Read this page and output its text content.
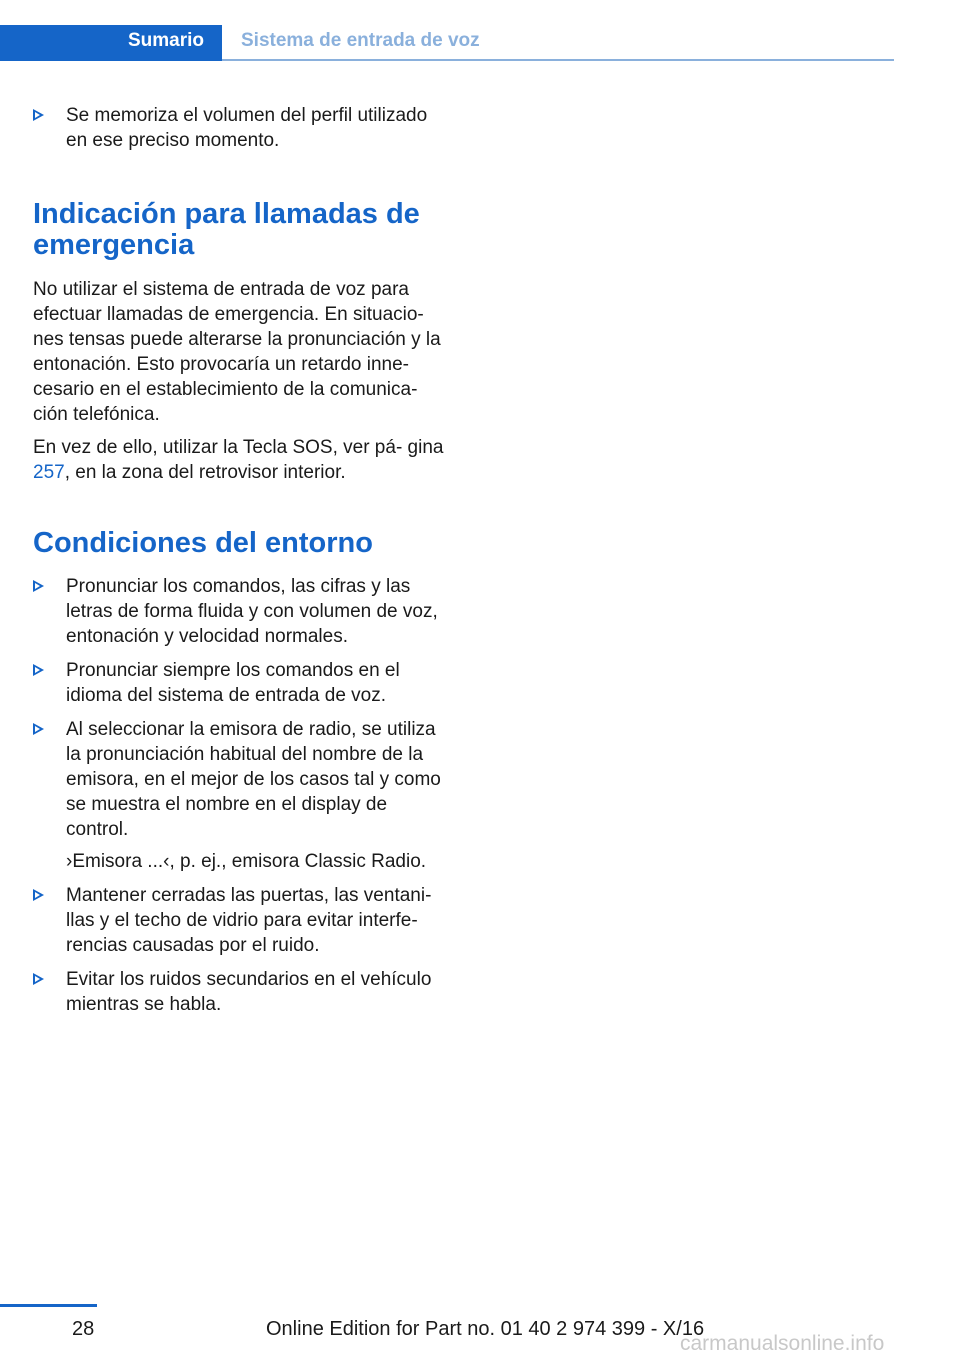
Sumario Sistema de entrada de voz

Se memoriza el volumen del perfil utilizado en ese preciso momento.

Indicación para llamadas de emergencia

No utilizar el sistema de entrada de voz para efectuar llamadas de emergencia. En situacio‐ nes tensas puede alterarse la pronunciación y la entonación. Esto provocaría un retardo inne‐ cesario en el establecimiento de la comunica‐ ción telefónica.

En vez de ello, utilizar la Tecla SOS, ver pá‐ gina 257, en la zona del retrovisor interior.

Condiciones del entorno

Pronunciar los comandos, las cifras y las letras de forma fluida y con volumen de voz, entonación y velocidad normales.

Pronunciar siempre los comandos en el idioma del sistema de entrada de voz.

Al seleccionar la emisora de radio, se utiliza la pronunciación habitual del nombre de la emisora, en el mejor de los casos tal y como se muestra el nombre en el display de control.

›Emisora ...‹, p. ej., emisora Classic Radio.

Mantener cerradas las puertas, las ventani‐ llas y el techo de vidrio para evitar interfe‐ rencias causadas por el ruido.

Evitar los ruidos secundarios en el vehículo mientras se habla.

28	Online Edition for Part no. 01 40 2 974 399 - X/16
carmanualsonline.info
